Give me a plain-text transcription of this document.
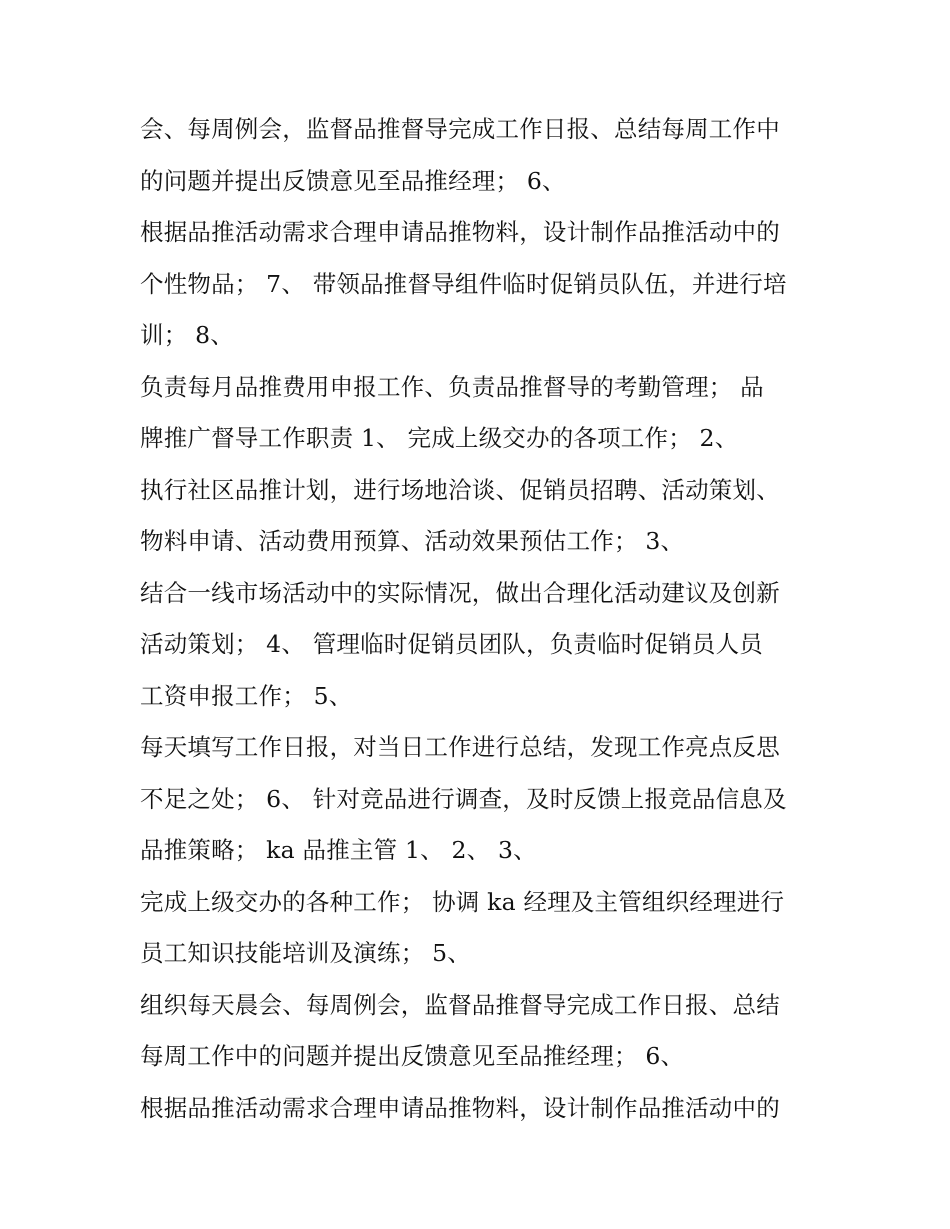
会、每周例会，监督品推督导完成工作日报、总结每周工作中
的问题并提出反馈意见至品推经理； 6、
根据品推活动需求合理申请品推物料，设计制作品推活动中的
个性物品； 7、 带领品推督导组件临时促销员队伍，并进行培
训； 8、
负责每月品推费用申报工作、负责品推督导的考勤管理； 品
牌推广督导工作职责 1、 完成上级交办的各项工作； 2、
执行社区品推计划，进行场地洽谈、促销员招聘、活动策划、
物料申请、活动费用预算、活动效果预估工作； 3、
结合一线市场活动中的实际情况，做出合理化活动建议及创新
活动策划； 4、 管理临时促销员团队，负责临时促销员人员
工资申报工作； 5、
每天填写工作日报，对当日工作进行总结，发现工作亮点反思
不足之处； 6、 针对竞品进行调查，及时反馈上报竞品信息及
品推策略； ka 品推主管 1、 2、 3、
完成上级交办的各种工作； 协调 ka 经理及主管组织经理进行
员工知识技能培训及演练； 5、
组织每天晨会、每周例会，监督品推督导完成工作日报、总结
每周工作中的问题并提出反馈意见至品推经理； 6、
根据品推活动需求合理申请品推物料，设计制作品推活动中的
